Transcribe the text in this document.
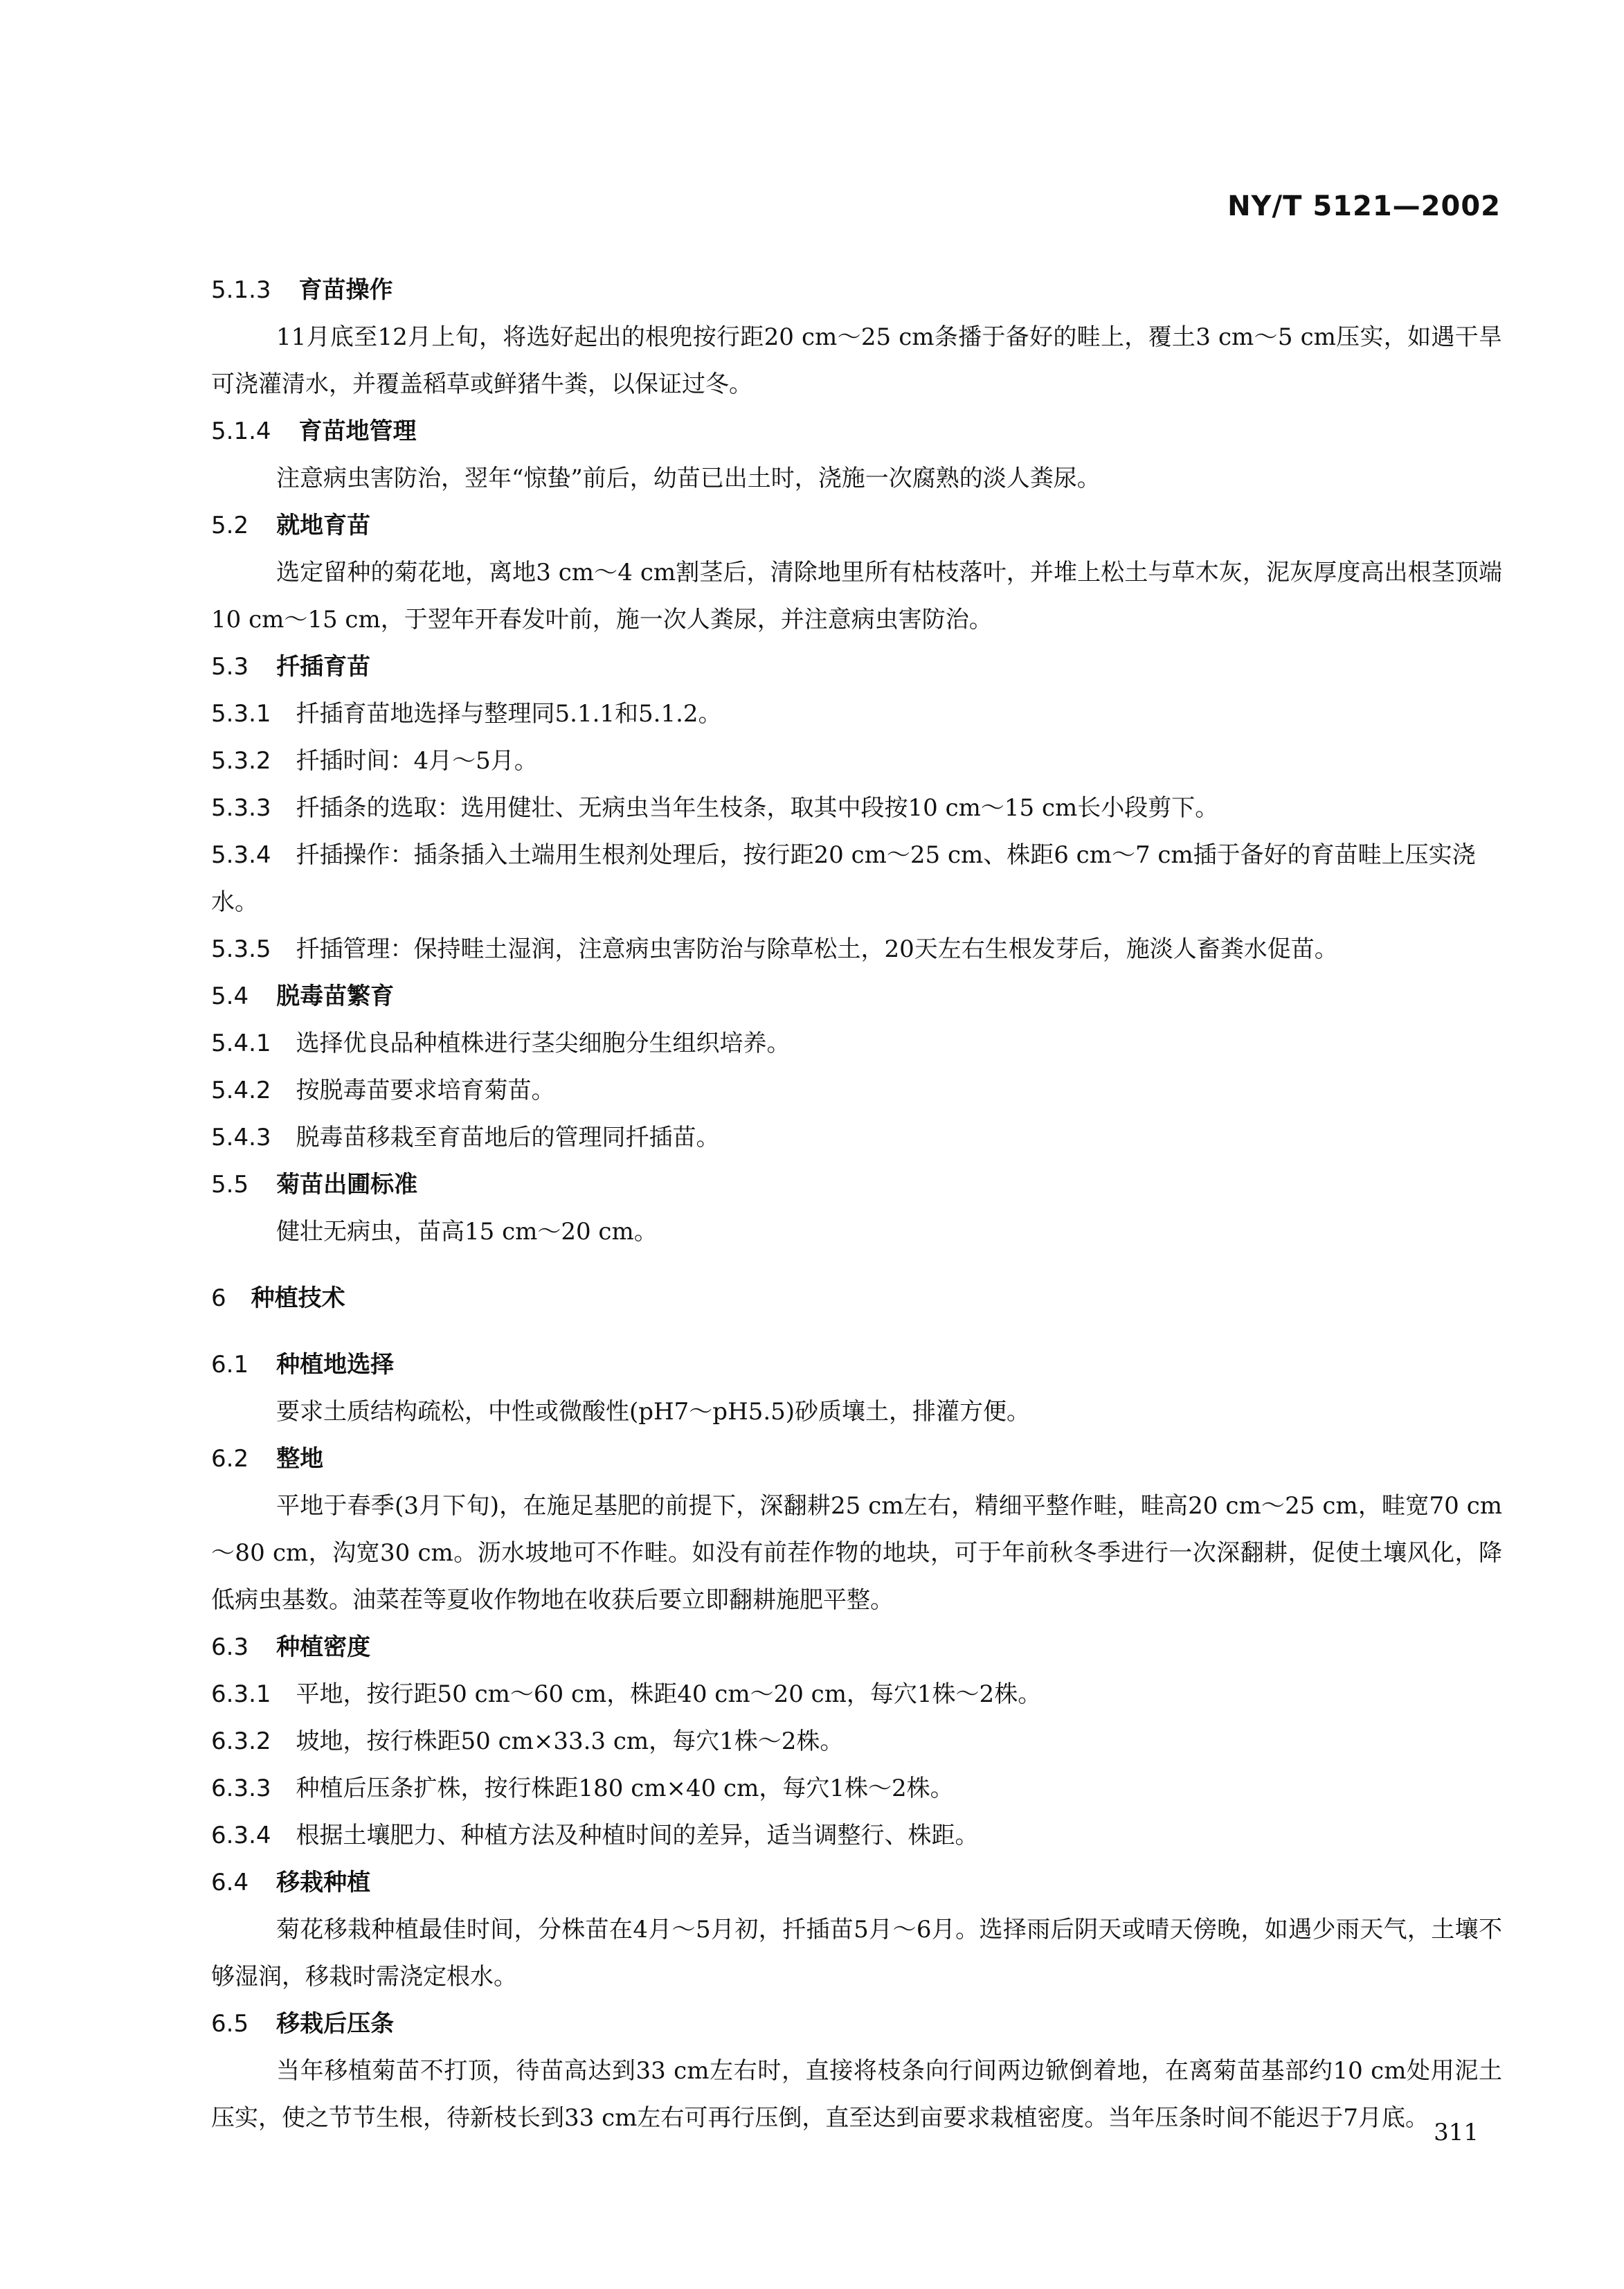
NY/T 5121—2002
5.1.3 育苗操作
11月底至12月上旬，将选好起出的根兜按行距20 cm～25 cm条播于备好的畦上，覆土3 cm～5 cm压实，如遇干旱可浇灌清水，并覆盖稻草或鲜猪牛粪，以保证过冬。
5.1.4 育苗地管理
注意病虫害防治，翌年“惊蛰”前后，幼苗已出土时，浇施一次腐熟的淡人粪尿。
5.2 就地育苗
选定留种的菊花地，离地3 cm～4 cm割茎后，清除地里所有枯枝落叶，并堆上松土与草木灰，泥灰厚度高出根茎顶端10 cm～15 cm，于翌年开春发叶前，施一次人粪尿，并注意病虫害防治。
5.3 扦插育苗
5.3.1 扦插育苗地选择与整理同5.1.1和5.1.2。
5.3.2 扦插时间：4月～5月。
5.3.3 扦插条的选取：选用健壮、无病虫当年生枝条，取其中段按10 cm～15 cm长小段剪下。
5.3.4 扦插操作：插条插入土端用生根剂处理后，按行距20 cm～25 cm、株距6 cm～7 cm插于备好的育苗畦上压实浇水。
5.3.5 扦插管理：保持畦土湿润，注意病虫害防治与除草松土，20天左右生根发芽后，施淡人畜粪水促苗。
5.4 脱毒苗繁育
5.4.1 选择优良品种植株进行茎尖细胞分生组织培养。
5.4.2 按脱毒苗要求培育菊苗。
5.4.3 脱毒苗移栽至育苗地后的管理同扦插苗。
5.5 菊苗出圃标准
健壮无病虫，苗高15 cm～20 cm。
6 种植技术
6.1 种植地选择
要求土质结构疏松，中性或微酸性(pH7～pH5.5)砂质壤土，排灌方便。
6.2 整地
平地于春季(3月下旬)，在施足基肥的前提下，深翻耕25 cm左右，精细平整作畦，畦高20 cm～25 cm，畦宽70 cm～80 cm，沟宽30 cm。沥水坡地可不作畦。如没有前茬作物的地块，可于年前秋冬季进行一次深翻耕，促使土壤风化，降低病虫基数。油菜茬等夏收作物地在收获后要立即翻耕施肥平整。
6.3 种植密度
6.3.1 平地，按行距50 cm～60 cm，株距40 cm～20 cm，每穴1株～2株。
6.3.2 坡地，按行株距50 cm×33.3 cm，每穴1株～2株。
6.3.3 种植后压条扩株，按行株距180 cm×40 cm，每穴1株～2株。
6.3.4 根据土壤肥力、种植方法及种植时间的差异，适当调整行、株距。
6.4 移栽种植
菊花移栽种植最佳时间，分株苗在4月～5月初，扦插苗5月～6月。选择雨后阴天或晴天傍晚，如遇少雨天气，土壤不够湿润，移栽时需浇定根水。
6.5 移栽后压条
当年移植菊苗不打顶，待苗高达到33 cm左右时，直接将枝条向行间两边锨倒着地，在离菊苗基部约10 cm处用泥土压实，使之节节生根，待新枝长到33 cm左右可再行压倒，直至达到亩要求栽植密度。当年压条时间不能迟于7月底。
311
